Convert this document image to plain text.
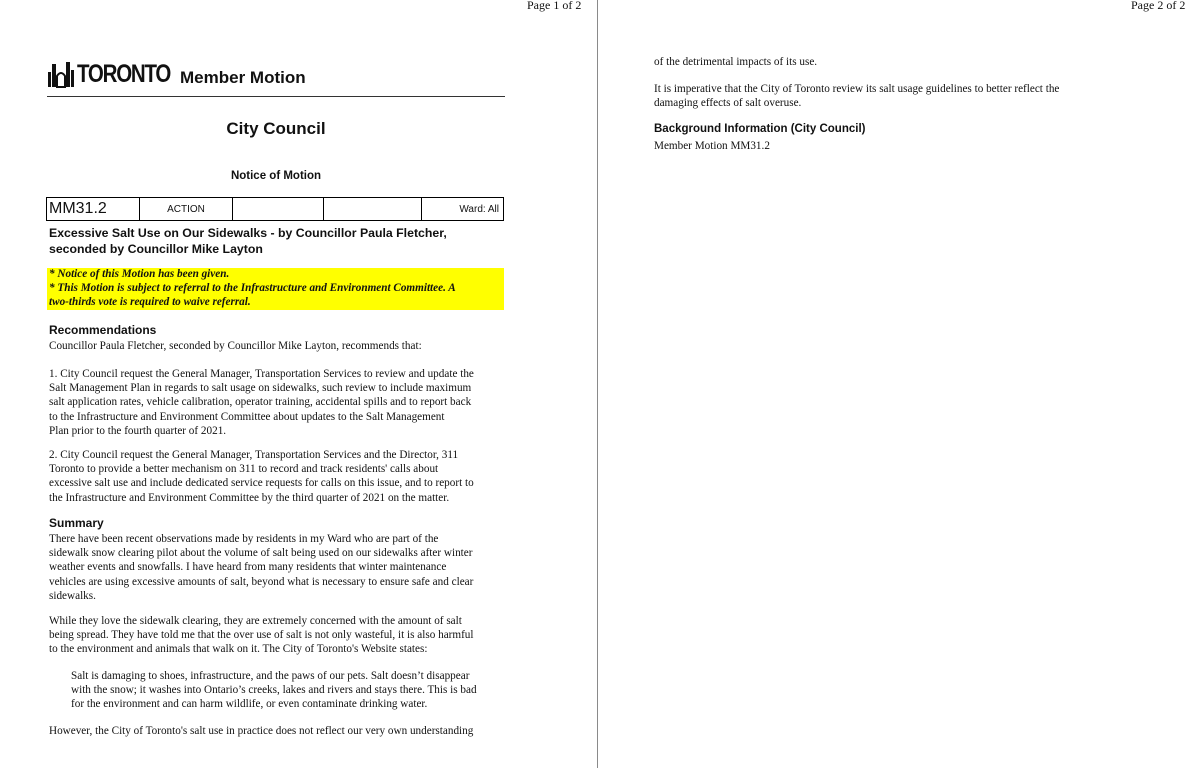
Page 1 of 2	Page 2 of 2
TORONTO Member Motion
City Council
Notice of Motion
MM31.2	ACTION			Ward: All
Excessive Salt Use on Our Sidewalks - by Councillor Paula Fletcher,
seconded by Councillor Mike Layton
* Notice of this Motion has been given.
* This Motion is subject to referral to the Infrastructure and Environment Committee. A
two-thirds vote is required to waive referral.
Recommendations
Councillor Paula Fletcher, seconded by Councillor Mike Layton, recommends that:
1. City Council request the General Manager, Transportation Services to review and update the
Salt Management Plan in regards to salt usage on sidewalks, such review to include maximum
salt application rates, vehicle calibration, operator training, accidental spills and to report back
to the Infrastructure and Environment Committee about updates to the Salt Management
Plan prior to the fourth quarter of 2021.
2. City Council request the General Manager, Transportation Services and the Director, 311
Toronto to provide a better mechanism on 311 to record and track residents' calls about
excessive salt use and include dedicated service requests for calls on this issue, and to report to
the Infrastructure and Environment Committee by the third quarter of 2021 on the matter.
Summary
There have been recent observations made by residents in my Ward who are part of the
sidewalk snow clearing pilot about the volume of salt being used on our sidewalks after winter
weather events and snowfalls. I have heard from many residents that winter maintenance
vehicles are using excessive amounts of salt, beyond what is necessary to ensure safe and clear
sidewalks.
While they love the sidewalk clearing, they are extremely concerned with the amount of salt
being spread. They have told me that the over use of salt is not only wasteful, it is also harmful
to the environment and animals that walk on it. The City of Toronto's Website states:
Salt is damaging to shoes, infrastructure, and the paws of our pets. Salt doesn’t disappear
with the snow; it washes into Ontario’s creeks, lakes and rivers and stays there. This is bad
for the environment and can harm wildlife, or even contaminate drinking water.
However, the City of Toronto's salt use in practice does not reflect our very own understanding
of the detrimental impacts of its use.
It is imperative that the City of Toronto review its salt usage guidelines to better reflect the
damaging effects of salt overuse.
Background Information (City Council)
Member Motion MM31.2
